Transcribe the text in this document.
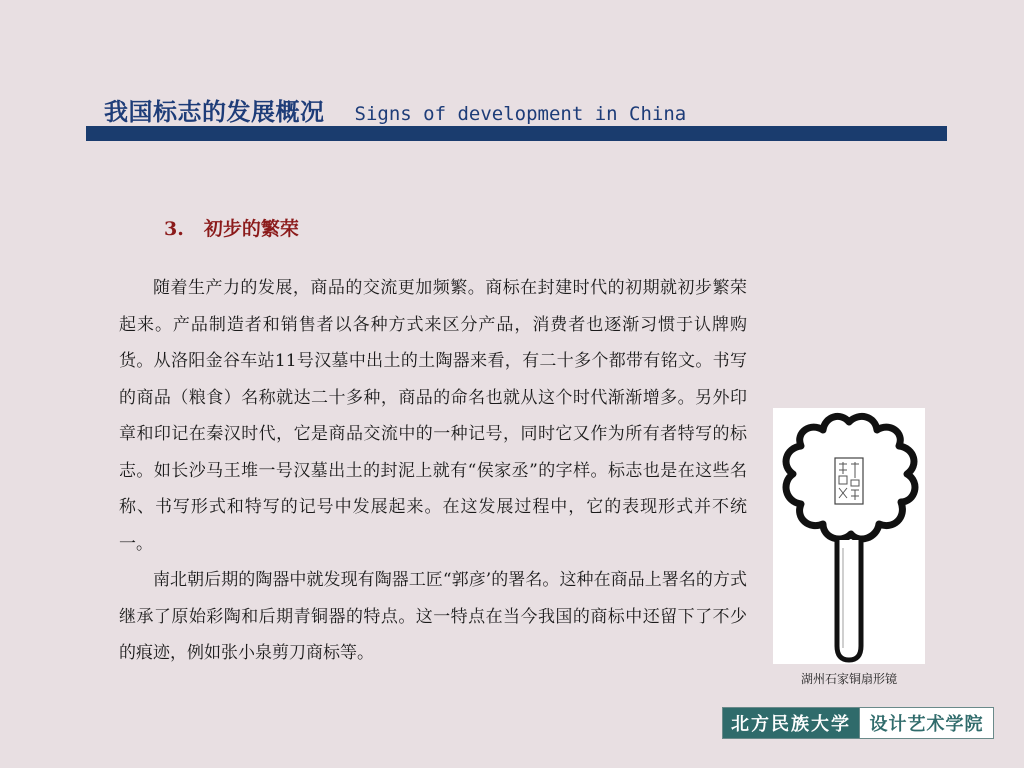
我国标志的发展概况 Signs of development in China
3. 初步的繁荣

随着生产力的发展，商品的交流更加频繁。商标在封建时代的初期就初步繁荣起来。产品制造者和销售者以各种方式来区分产品，消费者也逐渐习惯于认牌购货。从洛阳金谷车站11号汉墓中出土的土陶器来看，有二十多个都带有铭文。书写的商品（粮食）名称就达二十多种，商品的命名也就从这个时代渐渐增多。另外印章和印记在秦汉时代，它是商品交流中的一种记号，同时它又作为所有者特写的标志。如长沙马王堆一号汉墓出土的封泥上就有“侯家丞”的字样。标志也是在这些名称、书写形式和特写的记号中发展起来。在这发展过程中，它的表现形式并不统一。

南北朝后期的陶器中就发现有陶器工匠“郭彦’的署名。这种在商品上署名的方式继承了原始彩陶和后期青铜器的特点。这一特点在当今我国的商标中还留下了不少的痕迹，例如张小泉剪刀商标等。

湖州石家铜扇形镜
北方民族大学	设计艺术学院
